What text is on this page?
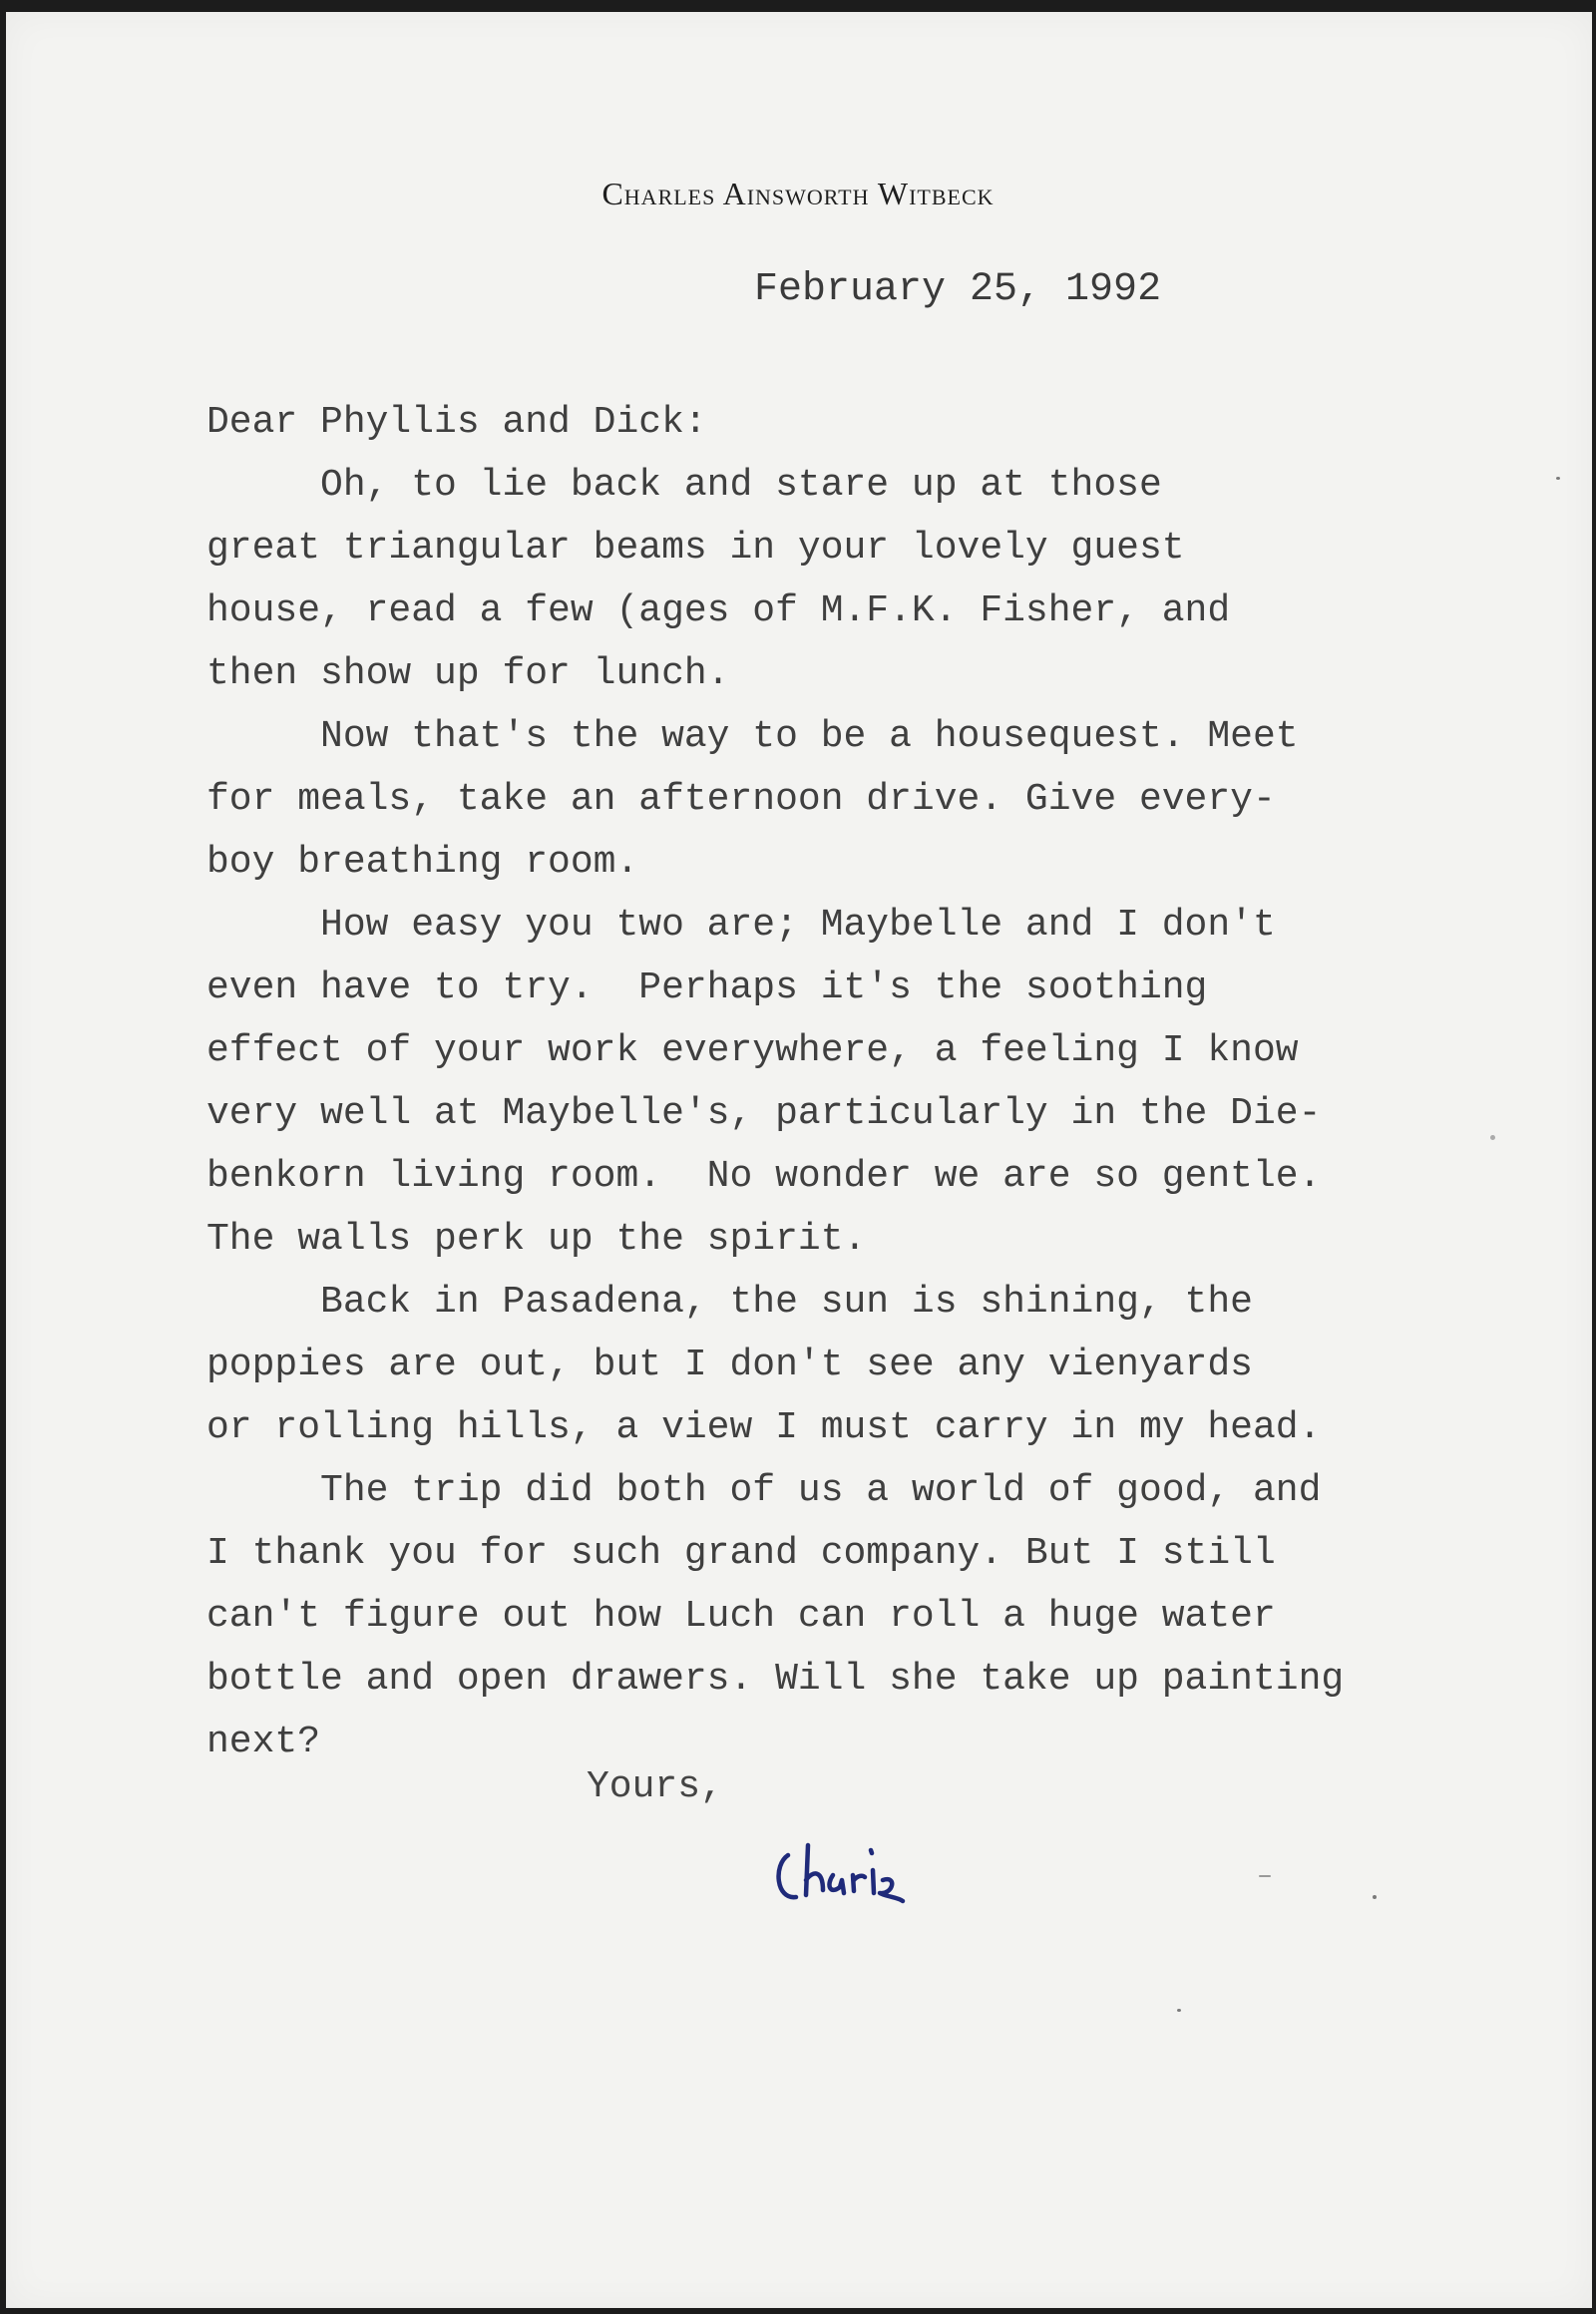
Charles Ainsworth Witbeck
February 25, 1992
Dear Phyllis and Dick:
Oh, to lie back and stare up at those
great triangular beams in your lovely guest
house, read a few (ages of M.F.K. Fisher, and
then show up for lunch.
Now that's the way to be a housequest. Meet
for meals, take an afternoon drive. Give every-
boy breathing room.
How easy you two are; Maybelle and I don't
even have to try.  Perhaps it's the soothing
effect of your work everywhere, a feeling I know
very well at Maybelle's, particularly in the Die-
benkorn living room.  No wonder we are so gentle.
The walls perk up the spirit.
Back in Pasadena, the sun is shining, the
poppies are out, but I don't see any vienyards
or rolling hills, a view I must carry in my head.
The trip did both of us a world of good, and
I thank you for such grand company. But I still
can't figure out how Luch can roll a huge water
bottle and open drawers. Will she take up painting
next?
Yours,
